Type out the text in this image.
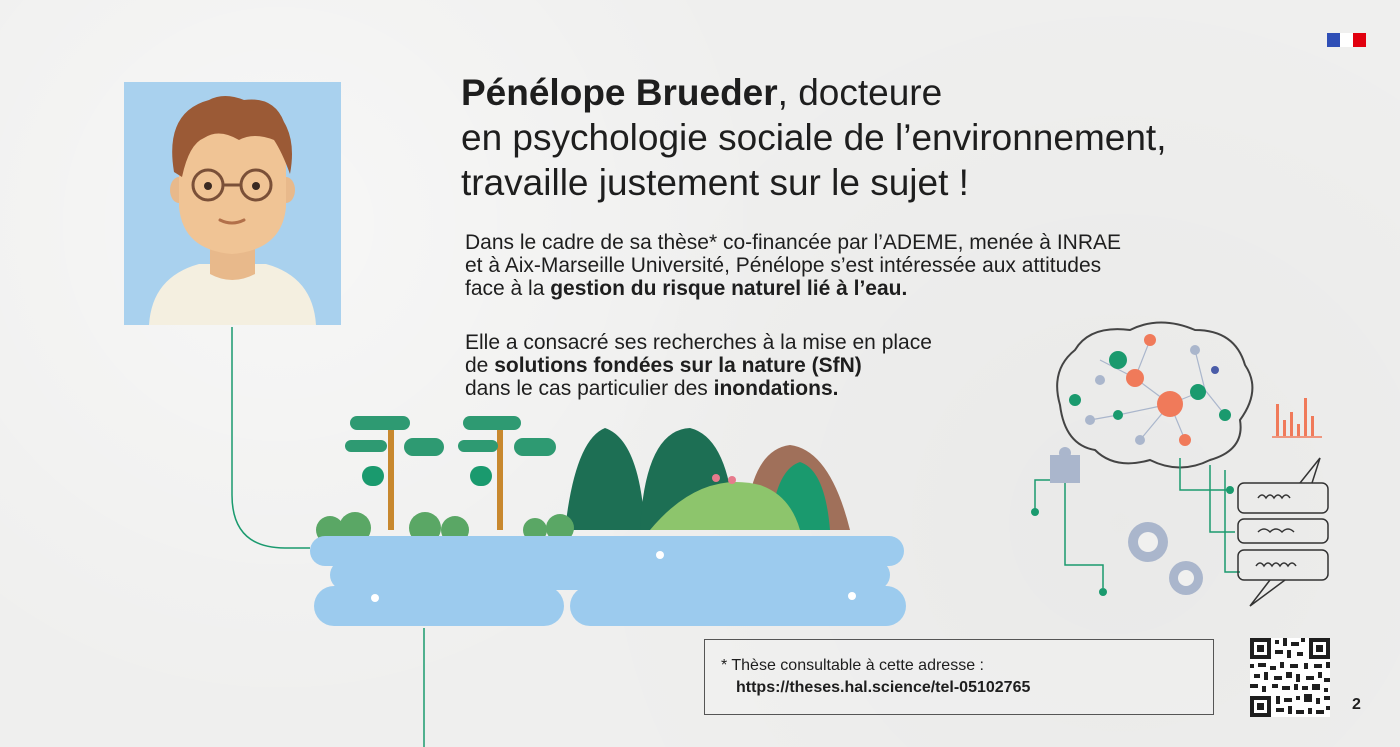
Pénélope Brueder, docteure
en psychologie sociale de l’environnement,
travaille justement sur le sujet !
Dans le cadre de sa thèse* co-financée par l’ADEME, menée à INRAE
et à Aix-Marseille Université, Pénélope s’est intéressée aux attitudes
face à la gestion du risque naturel lié à l’eau.
Elle a consacré ses recherches à la mise en place
de solutions fondées sur la nature (SfN)
dans le cas particulier des inondations.
* Thèse consultable à cette adresse :
https://theses.hal.science/tel-05102765
2
